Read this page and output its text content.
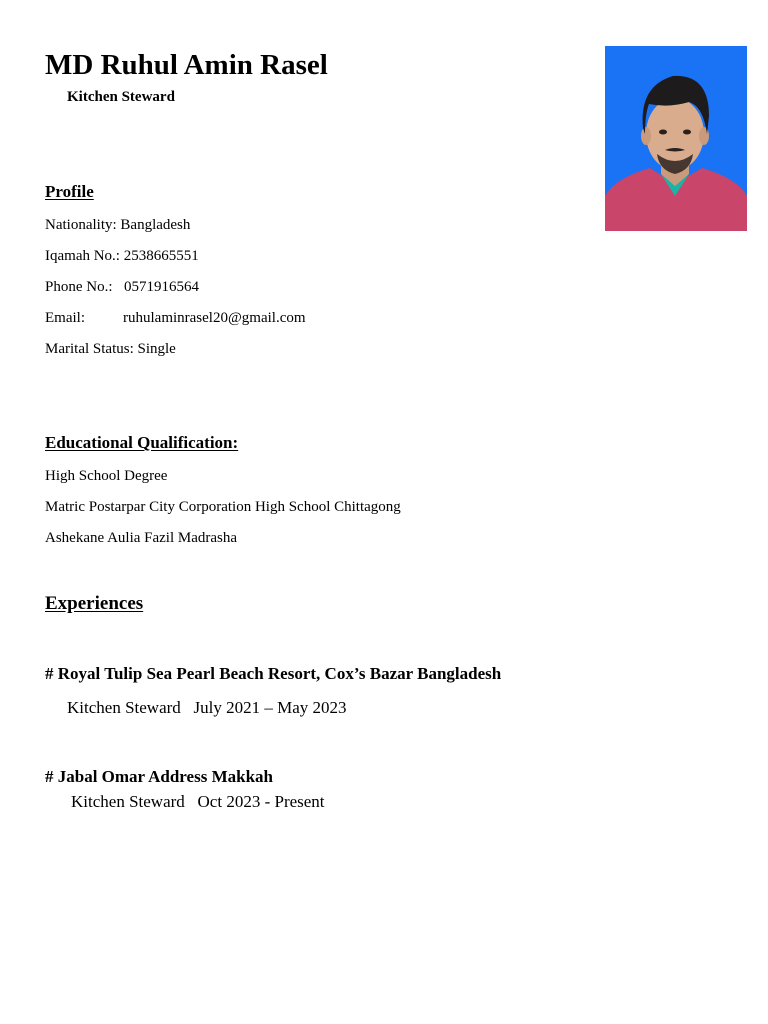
MD Ruhul Amin Rasel
Kitchen Steward
Profile
Nationality: Bangladesh
Iqamah No.: 2538665551
Phone No.: 0571916564
Email:	ruhulaminrasel20@gmail.com
Marital Status: Single
Educational Qualification:
High School Degree
Matric Postarpar City Corporation High School Chittagong
Ashekane Aulia Fazil Madrasha
Experiences
# Royal Tulip Sea Pearl Beach Resort, Cox’s Bazar Bangladesh
Kitchen Steward July 2021 – May 2023
# Jabal Omar Address Makkah
Kitchen Steward Oct 2023 - Present
